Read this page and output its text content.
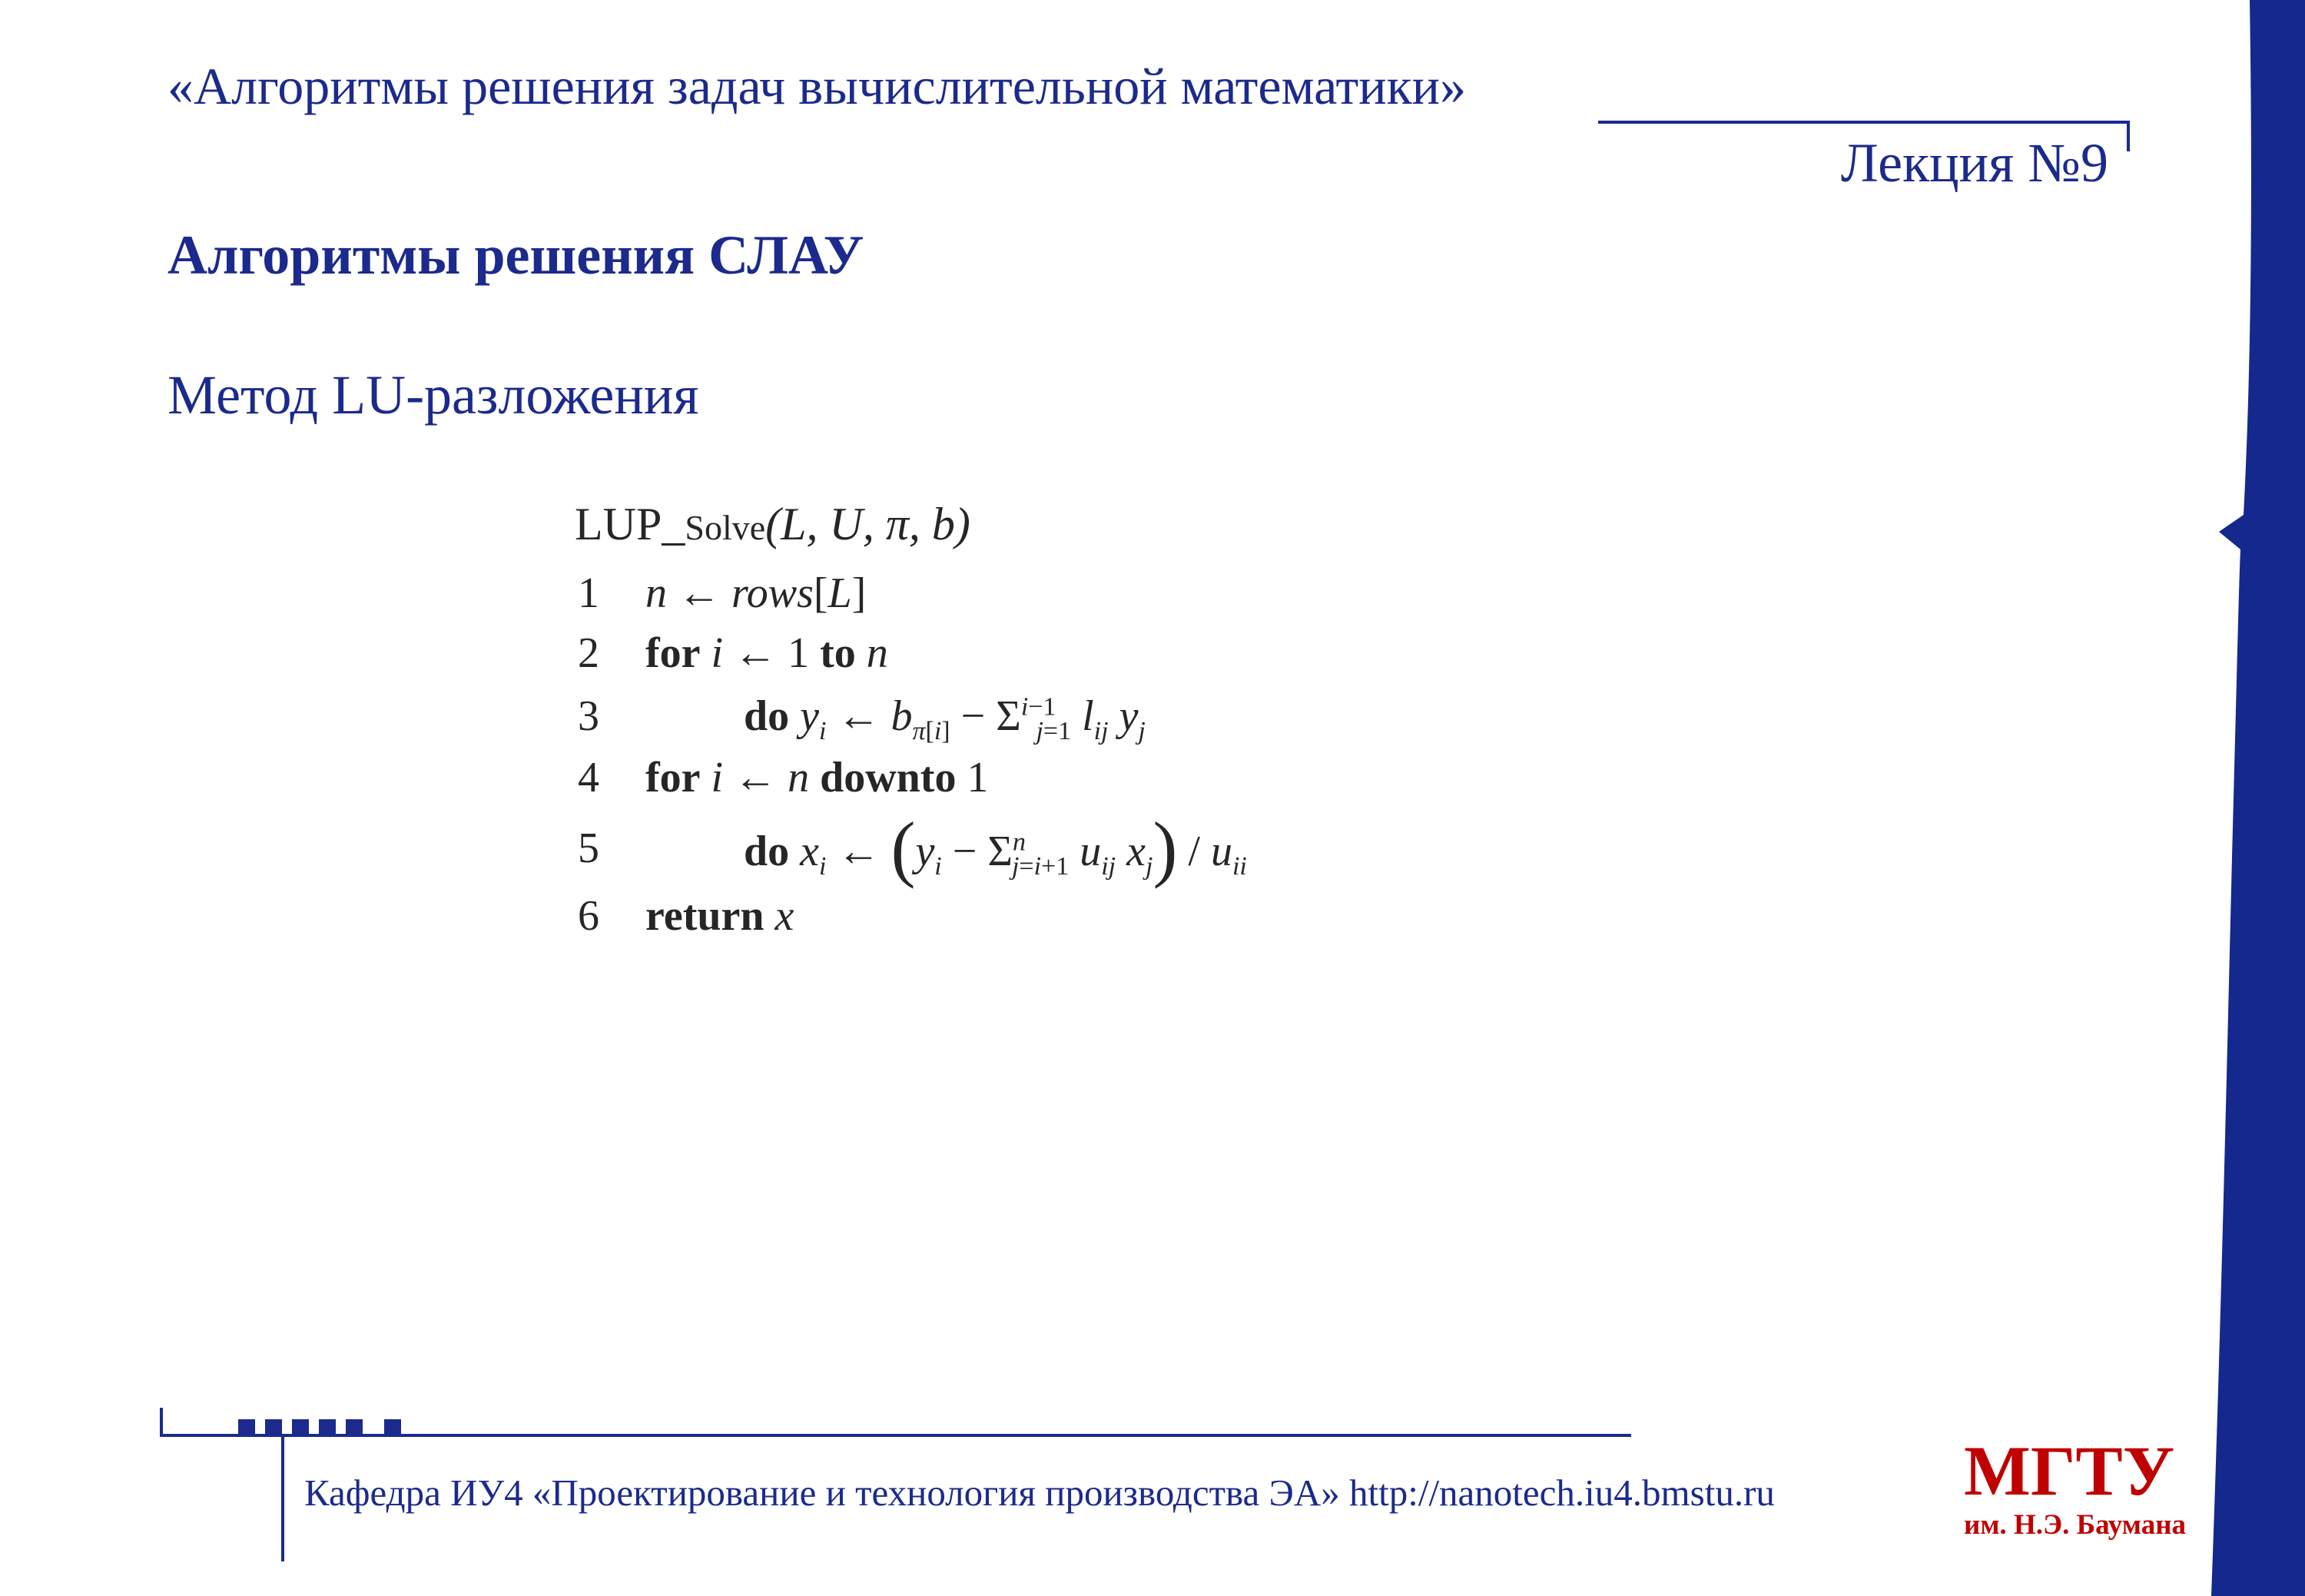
«Алгоритмы решения задач вычислительной математики»
Лекция №9
Алгоритмы решения СЛАУ
Метод LU-разложения
LUP_Solve(L, U, π, b)
1	n ← rows[L]
2	for i ← 1 to n
3	do $y_i$ ← $b_{\pi[i]} - \Sigma^{i-1}_{j=1}$ $l_{ij}$ $y_j$
4	for i ← n downto 1
5	do $x_i$ ← ($y_i - \Sigma^n_{j=i+1}$ $u_{ij}$ $x_j) / u_{ii}$
6	return x
Кафедра ИУ4 «Проектирование и технология производства ЭА» http://nanotech.iu4.bmstu.ru	МГТУ
им. Н.Э. Баумана
